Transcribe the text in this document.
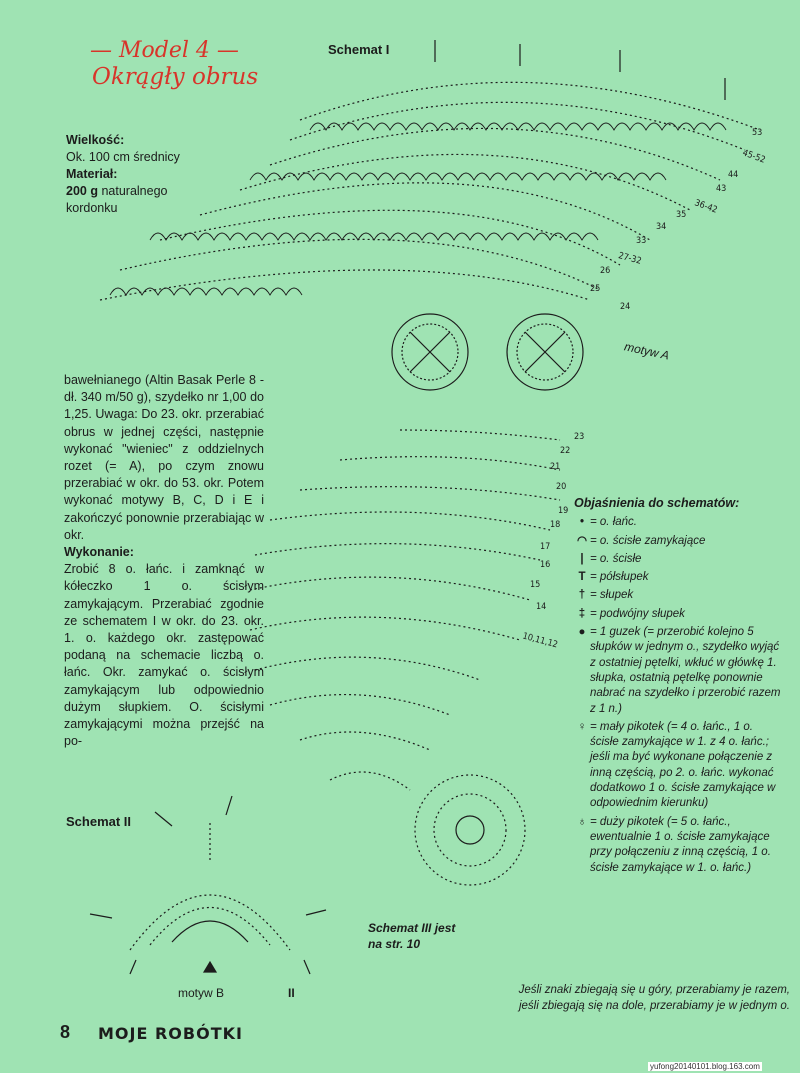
— Model 4 —
Okrągły obrus
Wielkość:
Ok. 100 cm średnicy
Materiał:
200 g naturalnego
kordonku
Schemat I
Schemat II
motyw A
motyw B	II
53
45-52
44
43
36-42
35
34
33
27-32
26
25
24
23
22
21
20
19
18
17
16
15
14
10,11,12

bawełnianego (Altin Basak Perle 8 - dł. 340 m/50 g), szydełko nr 1,00 do 1,25. Uwaga: Do 23. okr. przerabiać obrus w jednej części, następnie wykonać "wieniec" z oddzielnych rozet (= A), po czym znowu przerabiać w okr. do 53. okr. Potem wykonać motywy B, C, D i E i zakończyć ponownie przerabiając w okr.

Wykonanie:

Zrobić 8 o. łańc. i zamknąć w kółeczko 1 o. ścisłym zamykającym. Przerabiać zgodnie ze schematem I w okr. do 23. okr. 1. o. każdego okr. zastępować podaną na schemacie liczbą o. łańc. Okr. zamykać o. ścisłym zamykającym lub odpowiednio dużym słupkiem. O. ścisłymi zamykającymi można przejść na po-

Objaśnienia do schematów:
• = o. łańc.
◠ = o. ścisłe zamykające
| = o. ścisłe
T = półsłupek
† = słupek
‡ = podwójny słupek
● = 1 guzek (= przerobić kolejno 5 słupków w jednym o., szydełko wyjąć z ostatniej pętelki, wkłuć w główkę 1. słupka, ostatnią pętelkę ponownie nabrać na szydełko i przerobić razem z 1 n.)
♀ = mały pikotek (= 4 o. łańc., 1 o. ścisłe zamykające w 1. z 4 o. łańc.; jeśli ma być wykonane połączenie z inną częścią, po 2. o. łańc. wykonać dodatkowo 1 o. ścisłe zamykające w odpowiednim kierunku)
♁ = duży pikotek (= 5 o. łańc., ewentualnie 1 o. ścisłe zamykające przy połączeniu z inną częścią, 1 o. ścisłe zamykające w 1. o. łańc.)
Schemat III jest
na str. 10
Jeśli znaki zbiegają się u góry, przerabiamy je razem,
jeśli zbiegają się na dole, przerabiamy je w jednym o.
8 MOJE ROBÓTKI
yufong20140101.blog.163.com
